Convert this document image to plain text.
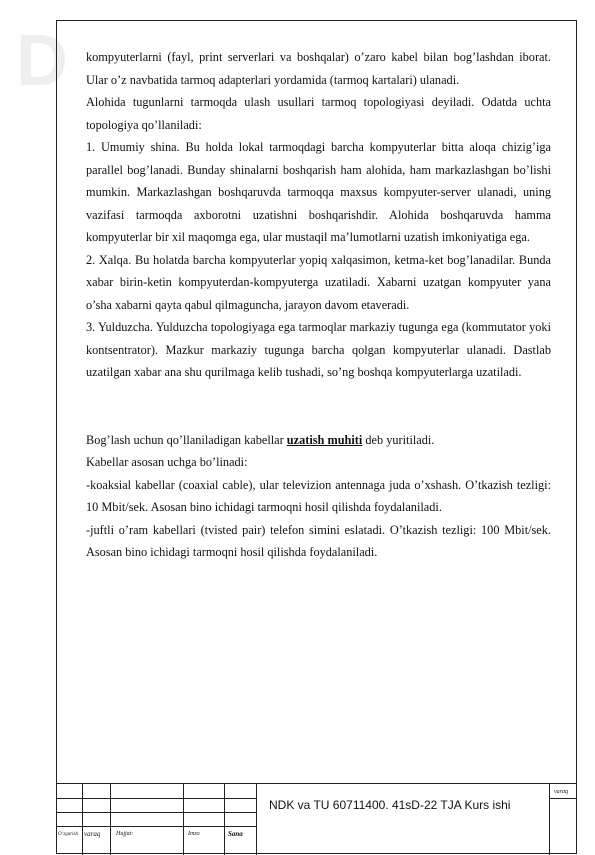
D kompyuterlarni (fayl, print serverlari va boshqalar) o’zaro kabel bilan bog’lashdan iborat. Ular o’z navbatida tarmoq adapterlari yordamida (tarmoq kartalari) ulanadi.

Alohida tugunlarni tarmoqda ulash usullari tarmoq topologiyasi deyiladi. Odatda uchta topologiya qo’llaniladi:

1. Umumiy shina. Bu holda lokal tarmoqdagi barcha kompyuterlar bitta aloqa chizig’iga parallel bog’lanadi. Bunday shinalarni boshqarish ham alohida, ham markazlashgan bo’lishi mumkin. Markazlashgan boshqaruvda tarmoqqa maxsus kompyuter-server ulanadi, uning vazifasi tarmoqda axborotni uzatishni boshqarishdir. Alohida boshqaruvda hamma kompyuterlar bir xil maqomga ega, ular mustaqil ma’lumotlarni uzatish imkoniyatiga ega.

2. Xalqa. Bu holatda barcha kompyuterlar yopiq xalqasimon, ketma-ket bog’lanadilar. Bunda xabar birin-ketin kompyuterdan-kompyuterga uzatiladi. Xabarni uzatgan kompyuter yana o’sha xabarni qayta qabul qilmaguncha, jarayon davom etaveradi.

3. Yulduzcha. Yulduzcha topologiyaga ega tarmoqlar markaziy tugunga ega (kommutator yoki kontsentrator). Mazkur markaziy tugunga barcha qolgan kompyuterlar ulanadi. Dastlab uzatilgan xabar ana shu qurilmaga kelib tushadi, so’ng boshqa kompyuterlarga uzatiladi.

Bog’lash uchun qo’llaniladigan kabellar uzatish muhiti deb yuritiladi.

Kabellar asosan uchga bo’linadi:

-koaksial kabellar (coaxial cable), ular televizion antennaga juda o’xshash. O’tkazish tezligi: 10 Mbit/sek. Asosan bino ichidagi tarmoqni hosil qilishda foydalaniladi.

-juftli o’ram kabellari (tvisted pair) telefon simini eslatadi. O’tkazish tezligi: 100 Mbit/sek. Asosan bino ichidagi tarmoqni hosil qilishda foydalaniladi.

O’zgarish varaq	Hujjat:	Imzo	Sana
varaq
NDK va TU 60711400. 41sD-22 TJA Kurs ishi
